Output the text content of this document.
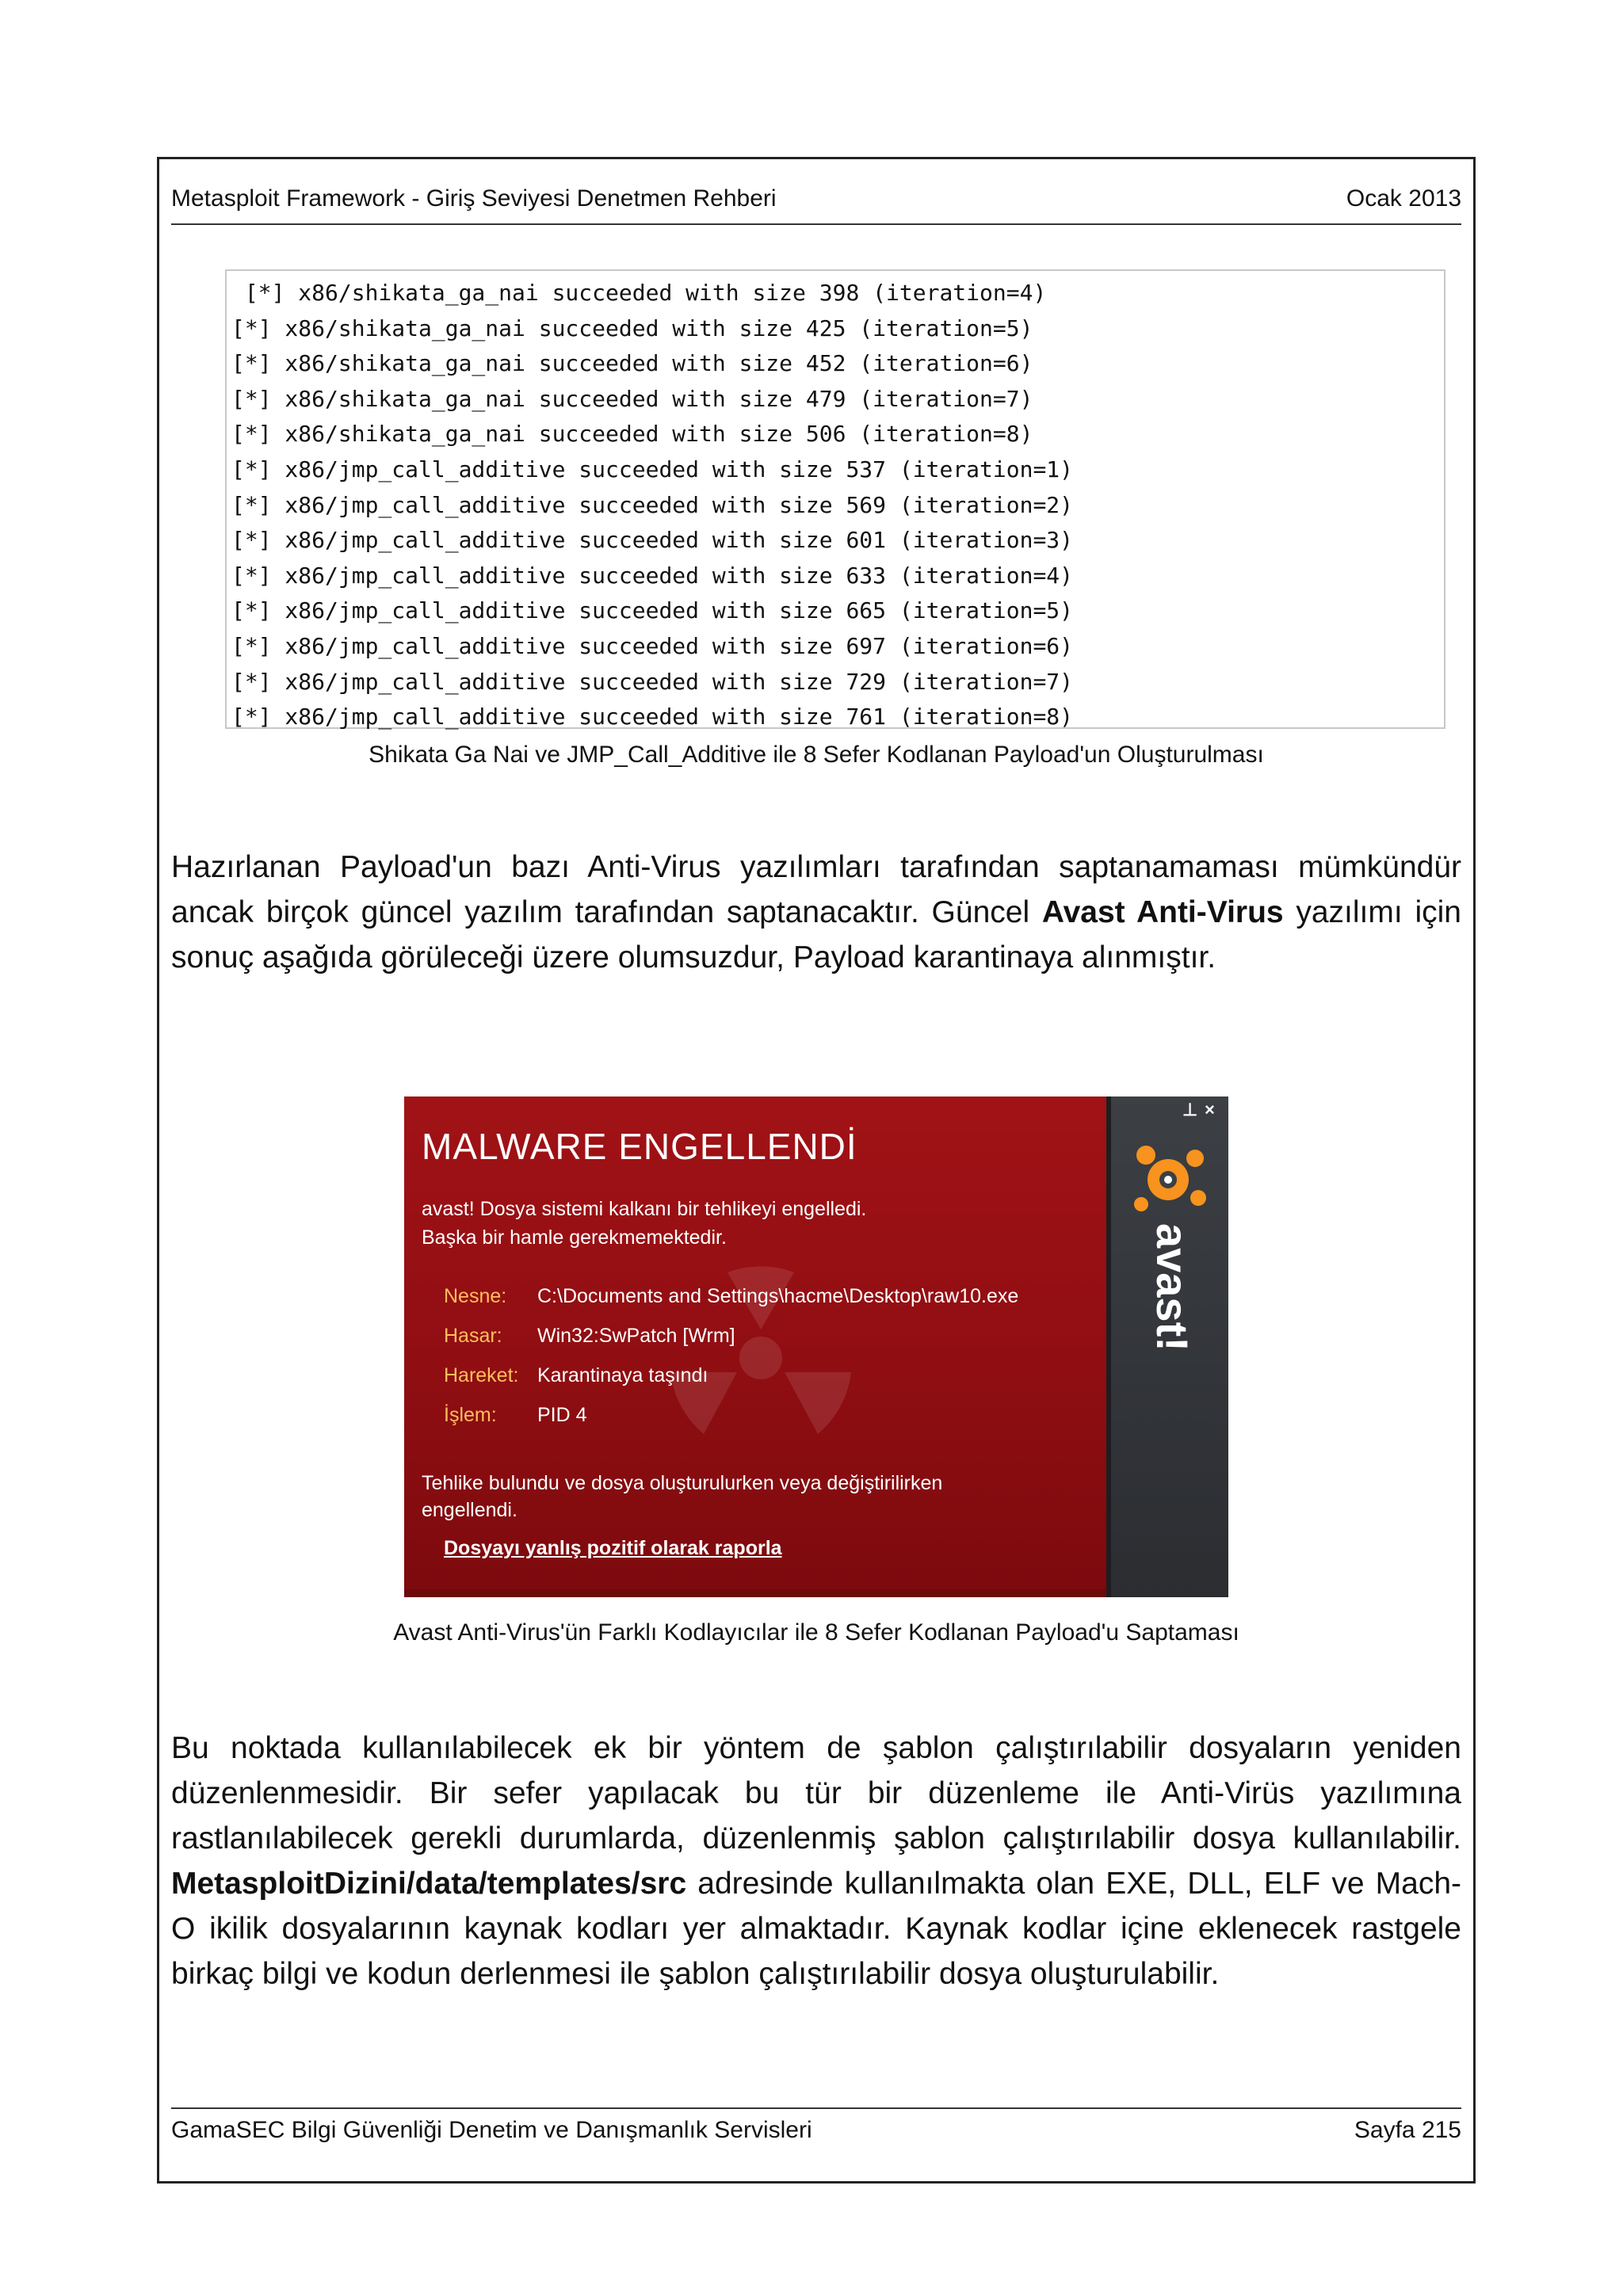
Metasploit Framework - Giriş Seviyesi Denetmen Rehberi	Ocak 2013
[*] x86/shikata_ga_nai succeeded with size 398 (iteration=4)
[*] x86/shikata_ga_nai succeeded with size 425 (iteration=5)
[*] x86/shikata_ga_nai succeeded with size 452 (iteration=6)
[*] x86/shikata_ga_nai succeeded with size 479 (iteration=7)
[*] x86/shikata_ga_nai succeeded with size 506 (iteration=8)
[*] x86/jmp_call_additive succeeded with size 537 (iteration=1)
[*] x86/jmp_call_additive succeeded with size 569 (iteration=2)
[*] x86/jmp_call_additive succeeded with size 601 (iteration=3)
[*] x86/jmp_call_additive succeeded with size 633 (iteration=4)
[*] x86/jmp_call_additive succeeded with size 665 (iteration=5)
[*] x86/jmp_call_additive succeeded with size 697 (iteration=6)
[*] x86/jmp_call_additive succeeded with size 729 (iteration=7)
[*] x86/jmp_call_additive succeeded with size 761 (iteration=8)
Shikata Ga Nai ve JMP_Call_Additive ile 8 Sefer Kodlanan Payload'un Oluşturulması
Hazırlanan Payload'un bazı Anti-Virus yazılımları tarafından saptanamaması mümkündür ancak birçok güncel yazılım tarafından saptanacaktır. Güncel Avast Anti-Virus yazılımı için sonuç aşağıda görüleceği üzere olumsuzdur, Payload karantinaya alınmıştır.
MALWARE ENGELLENDİ
avast! Dosya sistemi kalkanı bir tehlikeyi engelledi.
Başka bir hamle gerekmemektedir.
Nesne: C:\Documents and Settings\hacme\Desktop\raw10.exe
Hasar: Win32:SwPatch [Wrm]
Hareket: Karantinaya taşındı
İşlem: PID 4
Tehlike bulundu ve dosya oluşturulurken veya değiştirilirken
engellendi.
Dosyayı yanlış pozitif olarak raporla
⊥ ×
avast!
Avast Anti-Virus'ün Farklı Kodlayıcılar ile 8 Sefer Kodlanan Payload'u Saptaması
Bu noktada kullanılabilecek ek bir yöntem de şablon çalıştırılabilir dosyaların yeniden düzenlenmesidir. Bir sefer yapılacak bu tür bir düzenleme ile Anti-Virüs yazılımına rastlanılabilecek gerekli durumlarda, düzenlenmiş şablon çalıştırılabilir dosya kullanılabilir. MetasploitDizini/data/templates/src adresinde kullanılmakta olan EXE, DLL, ELF ve Mach-O ikilik dosyalarının kaynak kodları yer almaktadır. Kaynak kodlar içine eklenecek rastgele birkaç bilgi ve kodun derlenmesi ile şablon çalıştırılabilir dosya oluşturulabilir.
GamaSEC Bilgi Güvenliği Denetim ve Danışmanlık Servisleri	Sayfa 215
